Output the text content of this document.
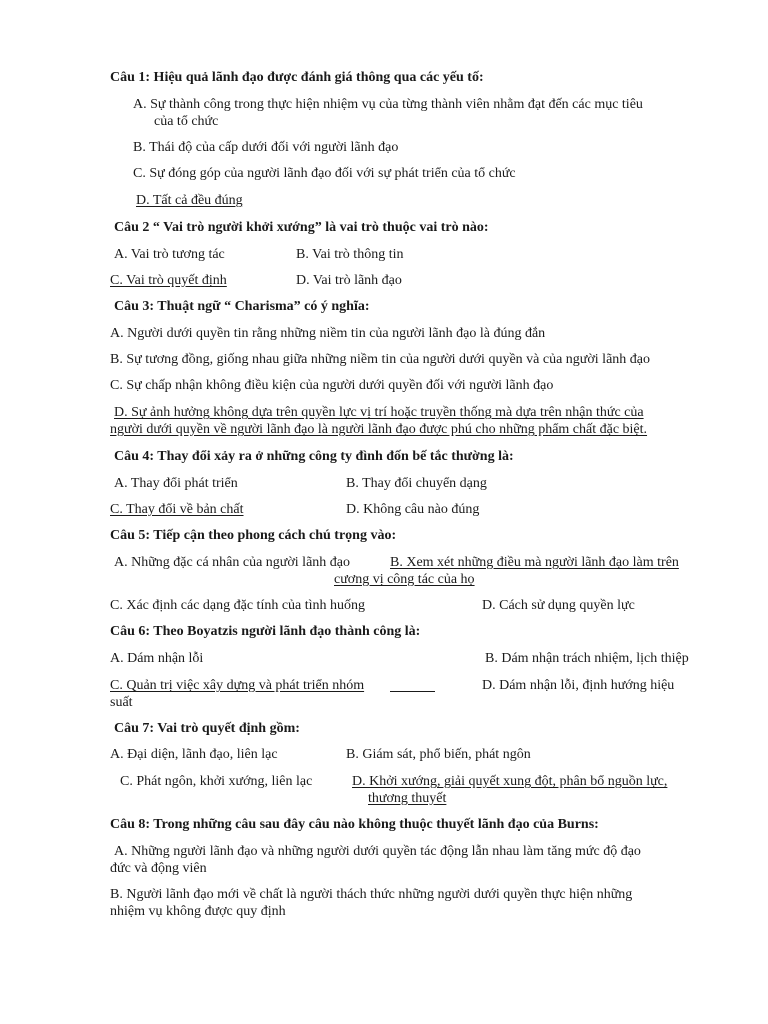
Câu 1: Hiệu quả lãnh đạo được đánh giá thông qua các yếu tố:
A. Sự thành công trong thực hiện nhiệm vụ của từng thành viên nhằm đạt đến các mục tiêu
của tổ chức
B. Thái độ của cấp dưới đối với người lãnh đạo
C. Sự đóng góp của người lãnh đạo đối với sự phát triển của tổ chức
D. Tất cả đều đúng
Câu 2 “ Vai trò người khởi xướng” là vai trò thuộc vai trò nào:
A. Vai trò tương tác	B. Vai trò thông tin
C. Vai trò quyết định	D. Vai trò lãnh đạo
Câu 3: Thuật ngữ “ Charisma” có ý nghĩa:
A. Người dưới quyền tin rằng những niềm tin của người lãnh đạo là đúng đắn
B. Sự tương đồng, giống nhau giữa những niềm tin của người dưới quyền và của người lãnh đạo
C. Sự chấp nhận không điều kiện của người dưới quyền đối với người lãnh đạo
D. Sự ảnh hưởng không dựa trên quyền lực vị trí hoặc truyền thống mà dựa trên nhận thức của
người dưới quyền về người lãnh đạo là người lãnh đạo được phú cho những phẩm chất đặc biệt.
Câu 4: Thay đổi xảy ra ở những công ty đình đốn bế tắc thường là:
A. Thay đổi phát triển	B. Thay đổi chuyển dạng
C. Thay đổi về bản chất	D. Không câu nào đúng
Câu 5: Tiếp cận theo phong cách chú trọng vào:
A. Những đặc cá nhân của người lãnh đạo	B. Xem xét những điều mà người lãnh đạo làm trên
cương vị công tác của họ
C. Xác định các dạng đặc tính của tình huống	D. Cách sử dụng quyền lực
Câu 6: Theo Boyatzis người lãnh đạo thành công là:
A. Dám nhận lỗi	B. Dám nhận trách nhiệm, lịch thiệp
C. Quản trị việc xây dựng và phát triển nhóm	D. Dám nhận lỗi, định hướng hiệu
suất
Câu 7: Vai trò quyết định gồm:
A. Đại diện, lãnh đạo, liên lạc	B. Giám sát, phổ biến, phát ngôn
C. Phát ngôn, khởi xướng, liên lạc	D. Khởi xướng, giải quyết xung đột, phân bổ nguồn lực,
thương thuyết
Câu 8: Trong những câu sau đây câu nào không thuộc thuyết lãnh đạo của Burns:
A. Những người lãnh đạo và những người dưới quyền tác động lẫn nhau làm tăng mức độ đạo
đức và động viên
B. Người lãnh đạo mới về chất là người thách thức những người dưới quyền thực hiện những
nhiệm vụ không được quy định
